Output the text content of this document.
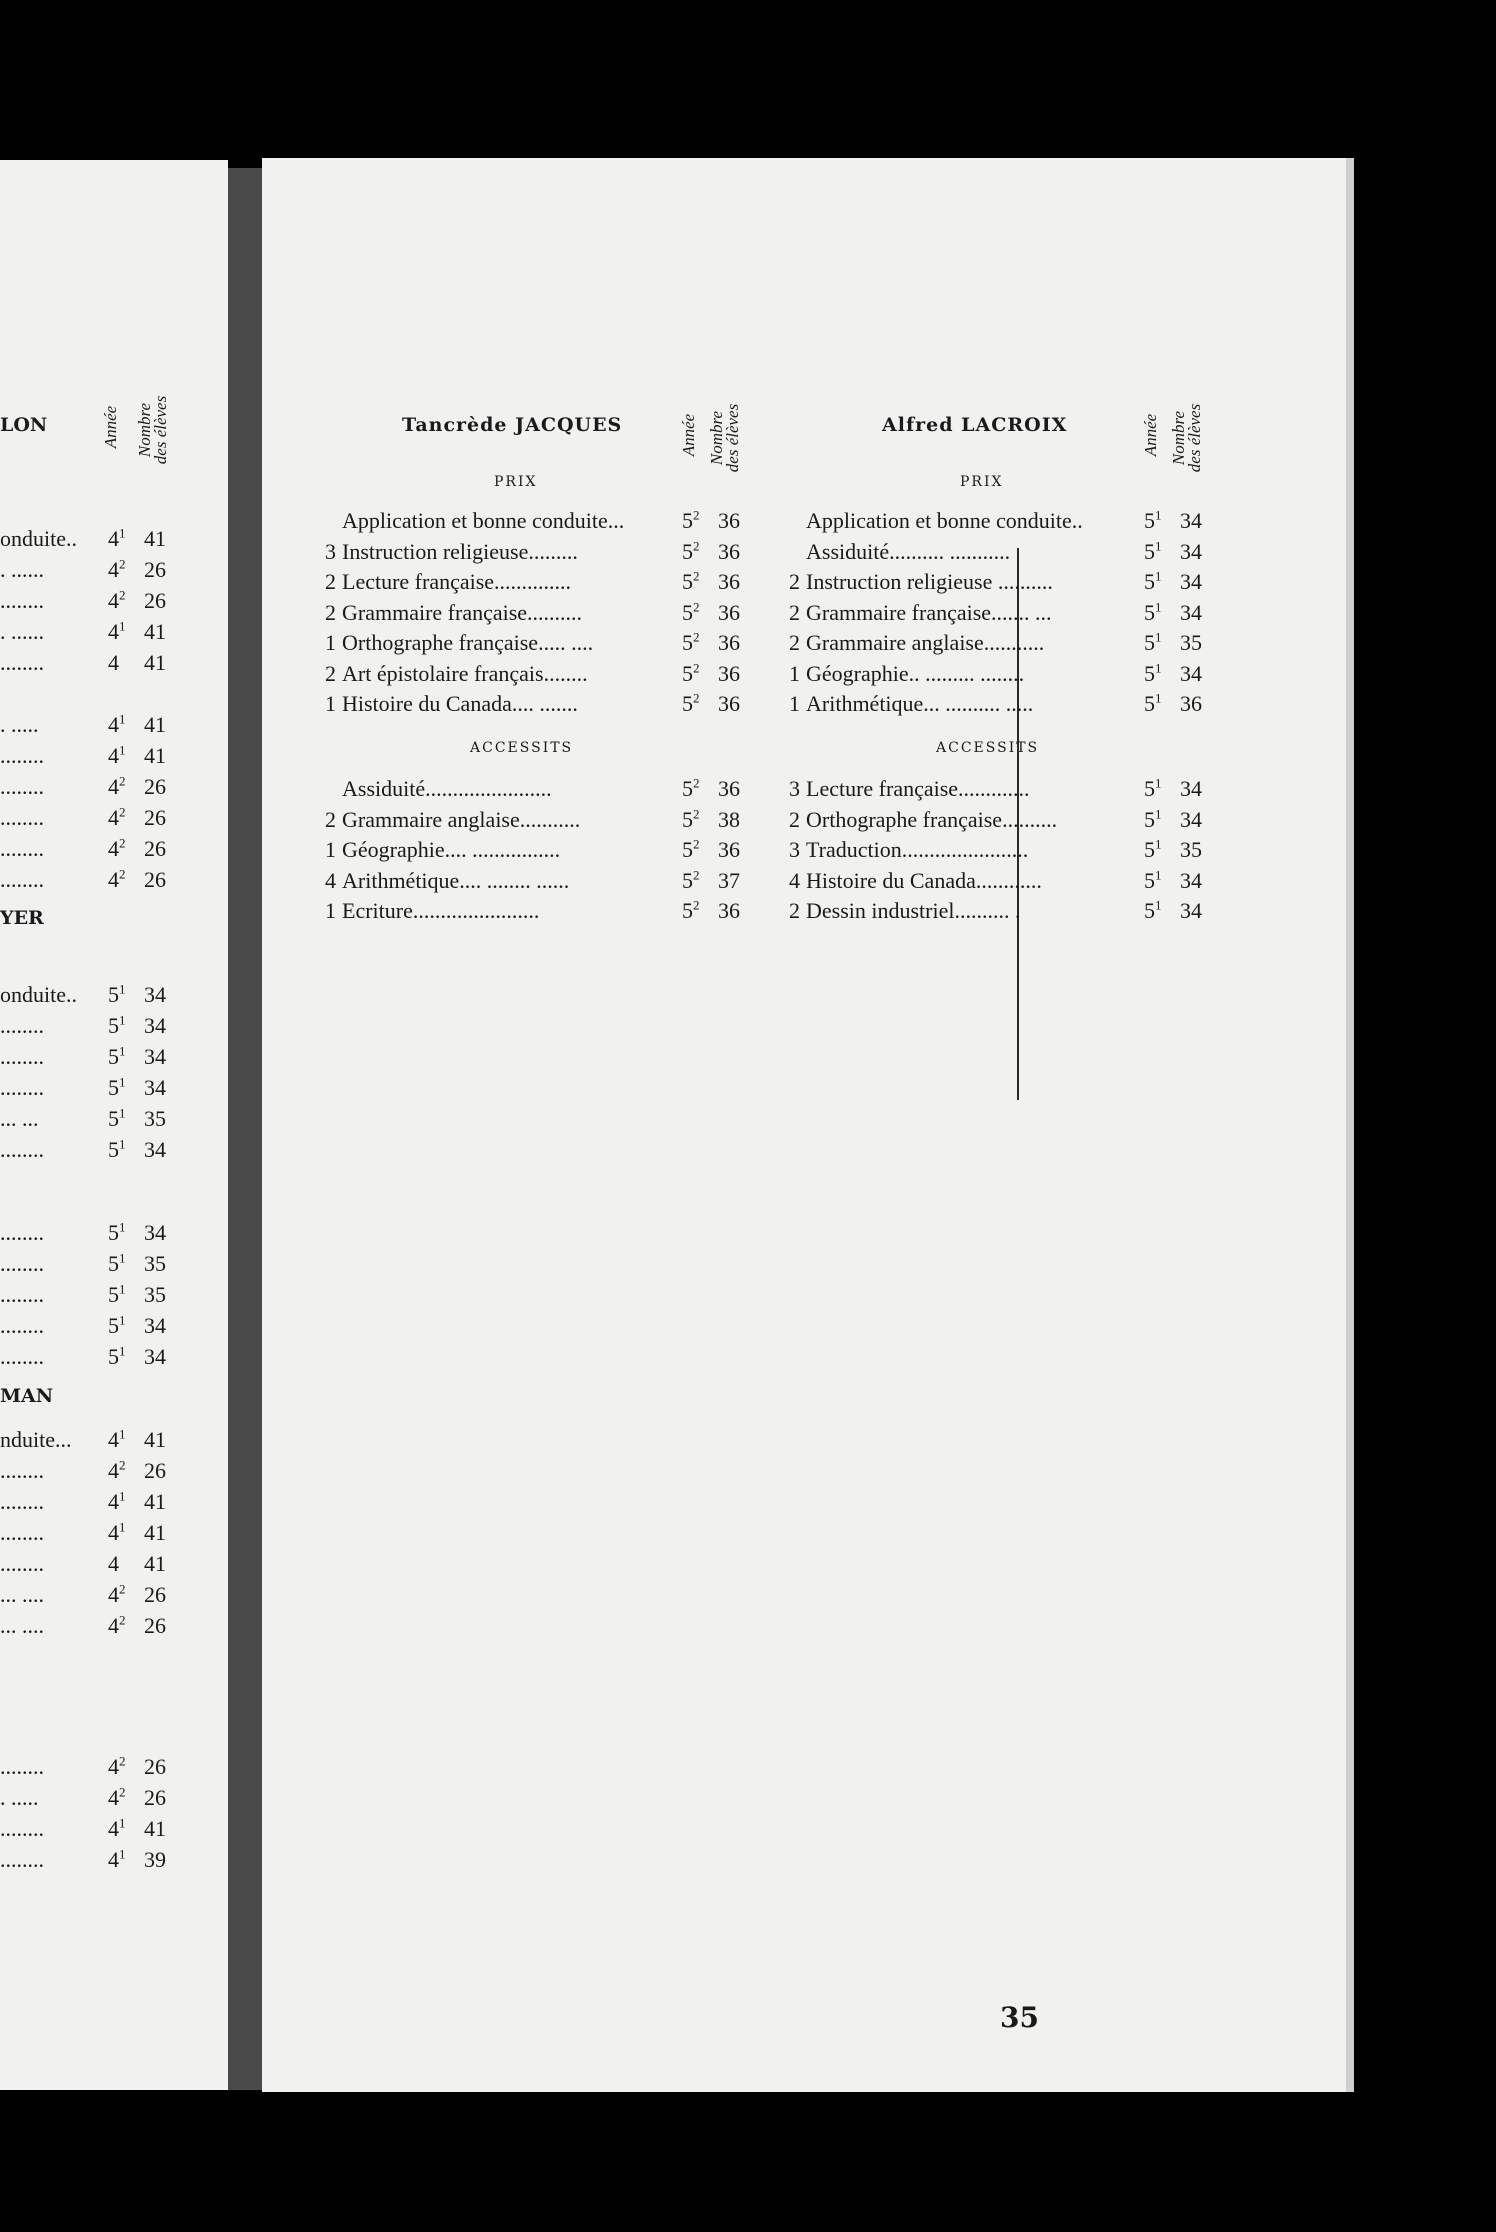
LON
YER
MAN
Année Nombre
des élèves
onduite.. $4^1$ 41
. ......	$4^2$ 26
........	$4^2$ 26
. ......	$4^1$ 41
........	4 41
. .....	$4^1$ 41
........	$4^1$ 41
........	$4^2$ 26
........	$4^2$ 26
........	$4^2$ 26
........	$4^2$ 26
onduite.. $5^1$ 34
........	$5^1$ 34
........	$5^1$ 34
........	$5^1$ 34
... ...	$5^1$ 35
........	$5^1$ 34
........	$5^1$ 34
........	$5^1$ 35
........	$5^1$ 35
........	$5^1$ 34
........	$5^1$ 34
nduite... $4^1$ 41
........	$4^2$ 26
........	$4^1$ 41
........	$4^1$ 41
........	4 41
... ....	$4^2$ 26
... ....	$4^2$ 26
........	$4^2$ 26
. .....	$4^2$ 26
........	$4^1$ 41
........	$4^1$ 39
35
Tancrède JACQUES	Année Nombre
des élèves
PRIX
Application et bonne conduite...	$5^2$ 36
3 Instruction religieuse.........	$5^2$ 36
2 Lecture française..............	$5^2$ 36
2 Grammaire française..........	$5^2$ 36
1 Orthographe française..... ....	$5^2$ 36
2 Art épistolaire français........	$5^2$ 36
1 Histoire du Canada.... .......	$5^2$ 36
ACCESSITS
Assiduité.......................	$5^2$ 36
2 Grammaire anglaise...........	$5^2$ 38
1 Géographie.... ................	$5^2$ 36
4 Arithmétique.... ........ ......	$5^2$ 37
1 Ecriture.......................	$5^2$ 36
Alfred LACROIX	Année Nombre
des élèves
PRIX
Application et bonne conduite..	$5^1$ 34
Assiduité.......... ...........	$5^1$ 34
2 Instruction religieuse ..........	$5^1$ 34
2 Grammaire française....... ...	$5^1$ 34
2 Grammaire anglaise...........	$5^1$ 35
1 Géographie.. ......... ........	$5^1$ 34
1 Arithmétique... .......... .....	$5^1$ 36
ACCESSITS
3 Lecture française.............	$5^1$ 34
2 Orthographe française..........	$5^1$ 34
3 Traduction.......................	$5^1$ 35
4 Histoire du Canada............	$5^1$ 34
2 Dessin industriel.......... .	$5^1$ 34
